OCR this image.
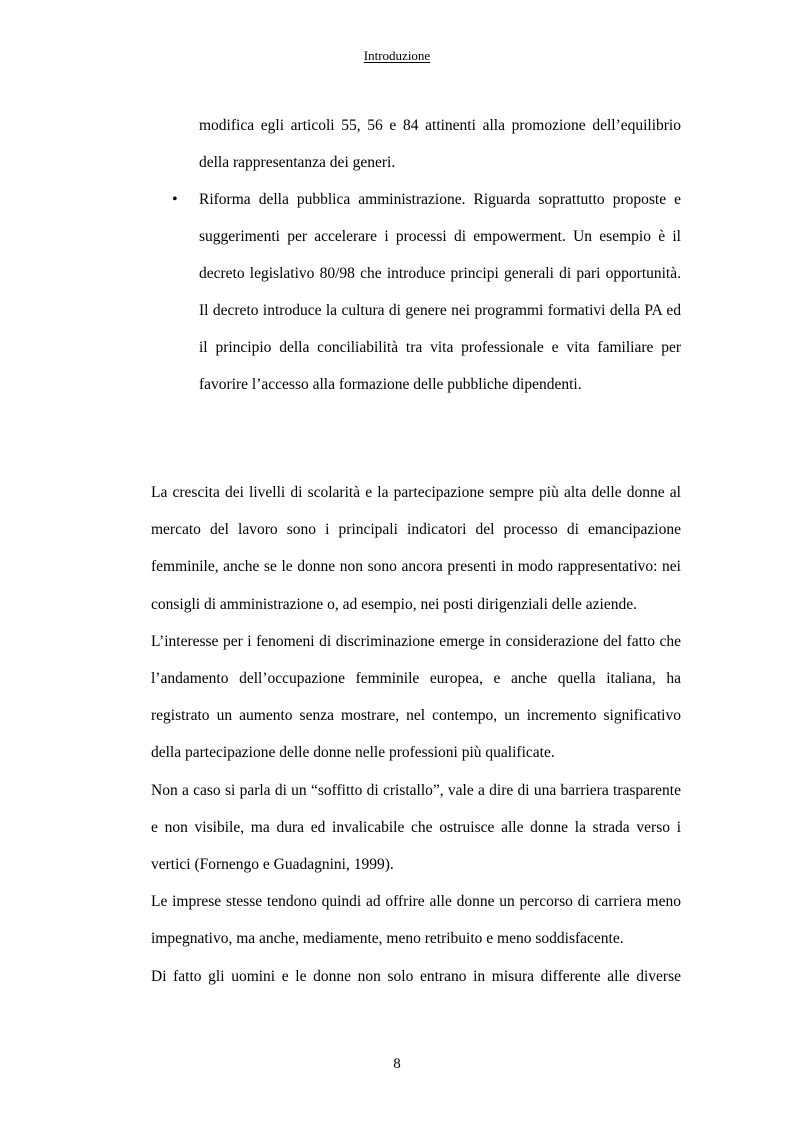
Introduzione
modifica egli articoli 55, 56 e 84 attinenti alla promozione dell’equilibrio della rappresentanza dei generi.
•	Riforma della pubblica amministrazione. Riguarda soprattutto proposte e suggerimenti per accelerare i processi di empowerment. Un esempio è il decreto legislativo 80/98 che introduce principi generali di pari opportunità. Il decreto introduce la cultura di genere nei programmi formativi della PA ed il principio della conciliabilità tra vita professionale e vita familiare per favorire l’accesso alla formazione delle pubbliche dipendenti.

La crescita dei livelli di scolarità e la partecipazione sempre più alta delle donne al mercato del lavoro sono i principali indicatori del processo di emancipazione femminile, anche se le donne non sono ancora presenti in modo rappresentativo: nei consigli di amministrazione o, ad esempio, nei posti dirigenziali delle aziende.

L’interesse per i fenomeni di discriminazione emerge in considerazione del fatto che l’andamento dell’occupazione femminile europea, e anche quella italiana, ha registrato un aumento senza mostrare, nel contempo, un incremento significativo della partecipazione delle donne nelle professioni più qualificate.

Non a caso si parla di un “soffitto di cristallo”, vale a dire di una barriera trasparente e non visibile, ma dura ed invalicabile che ostruisce alle donne la strada verso i vertici (Fornengo e Guadagnini, 1999).

Le imprese stesse tendono quindi ad offrire alle donne un percorso di carriera meno impegnativo, ma anche, mediamente, meno retribuito e meno soddisfacente.

Di fatto gli uomini e le donne non solo entrano in misura differente alle diverse

8
